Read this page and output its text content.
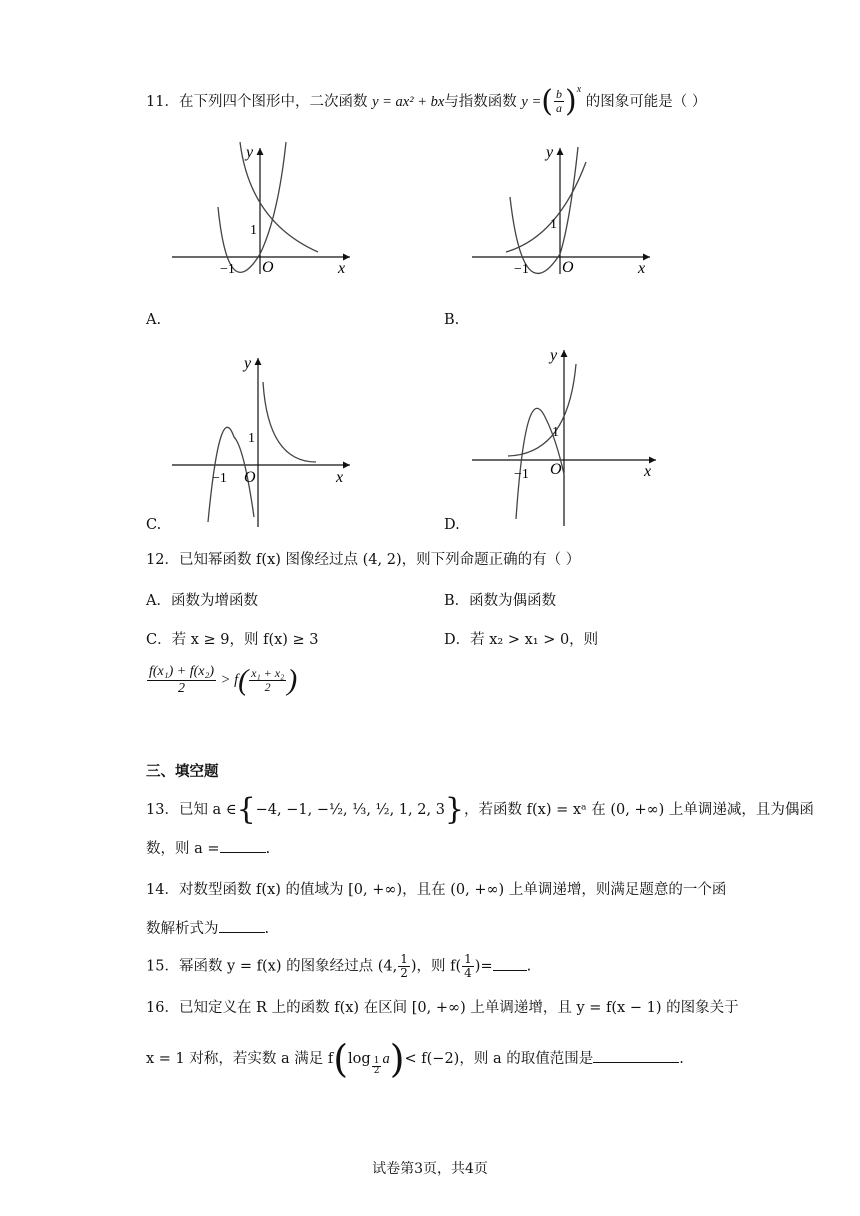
11．在下列四个图形中，二次函数 y = ax² + bx与指数函数 y =( $\frac{b}{a} )^x$ 的图象可能是（ ）
y
x
O
1
−1
A.
y
x
O
1
−1
B.
y
x
O
1
−1
C.
y
x
O
1
−1
D.
12．已知幂函数 f(x) 图像经过点 (4, 2)，则下列命题正确的有（ ）
A．函数为增函数	B．函数为偶函数
C．若 x ≥ 9，则 f(x) ≥ 3	D．若 x₂ > x₁ > 0，则
$\frac{\text{f(x₁) + f(x₂)}}{2} > f( \frac{\text{x₁ + x₂}}{2}$ )
三、填空题
13．已知 a ∈{−4, −1, −½, ⅓, ½, 1, 2, 3}，若函数 f(x) = xᵃ 在 (0, +∞) 上单调递减，且为偶函
数，则 a =	.
14．对数型函数 f(x) 的值域为 [0, +∞)，且在 (0, +∞) 上单调递增，则满足题意的一个函
数解析式为	.
15．幂函数 y = f(x) 的图象经过点 (4, $\frac{1}{2}$ )，则 $f( \frac{1}{4}$ )= .
16．已知定义在 R 上的函数 f(x) 在区间 [0, +∞) 上单调递增，且 y = f(x − 1) 的图象关于
x = 1 对称，若实数 a 满足 $f(\log \frac{1}{2} a)< f(-2)$，则 a 的取值范围是	.
试卷第3页，共4页
